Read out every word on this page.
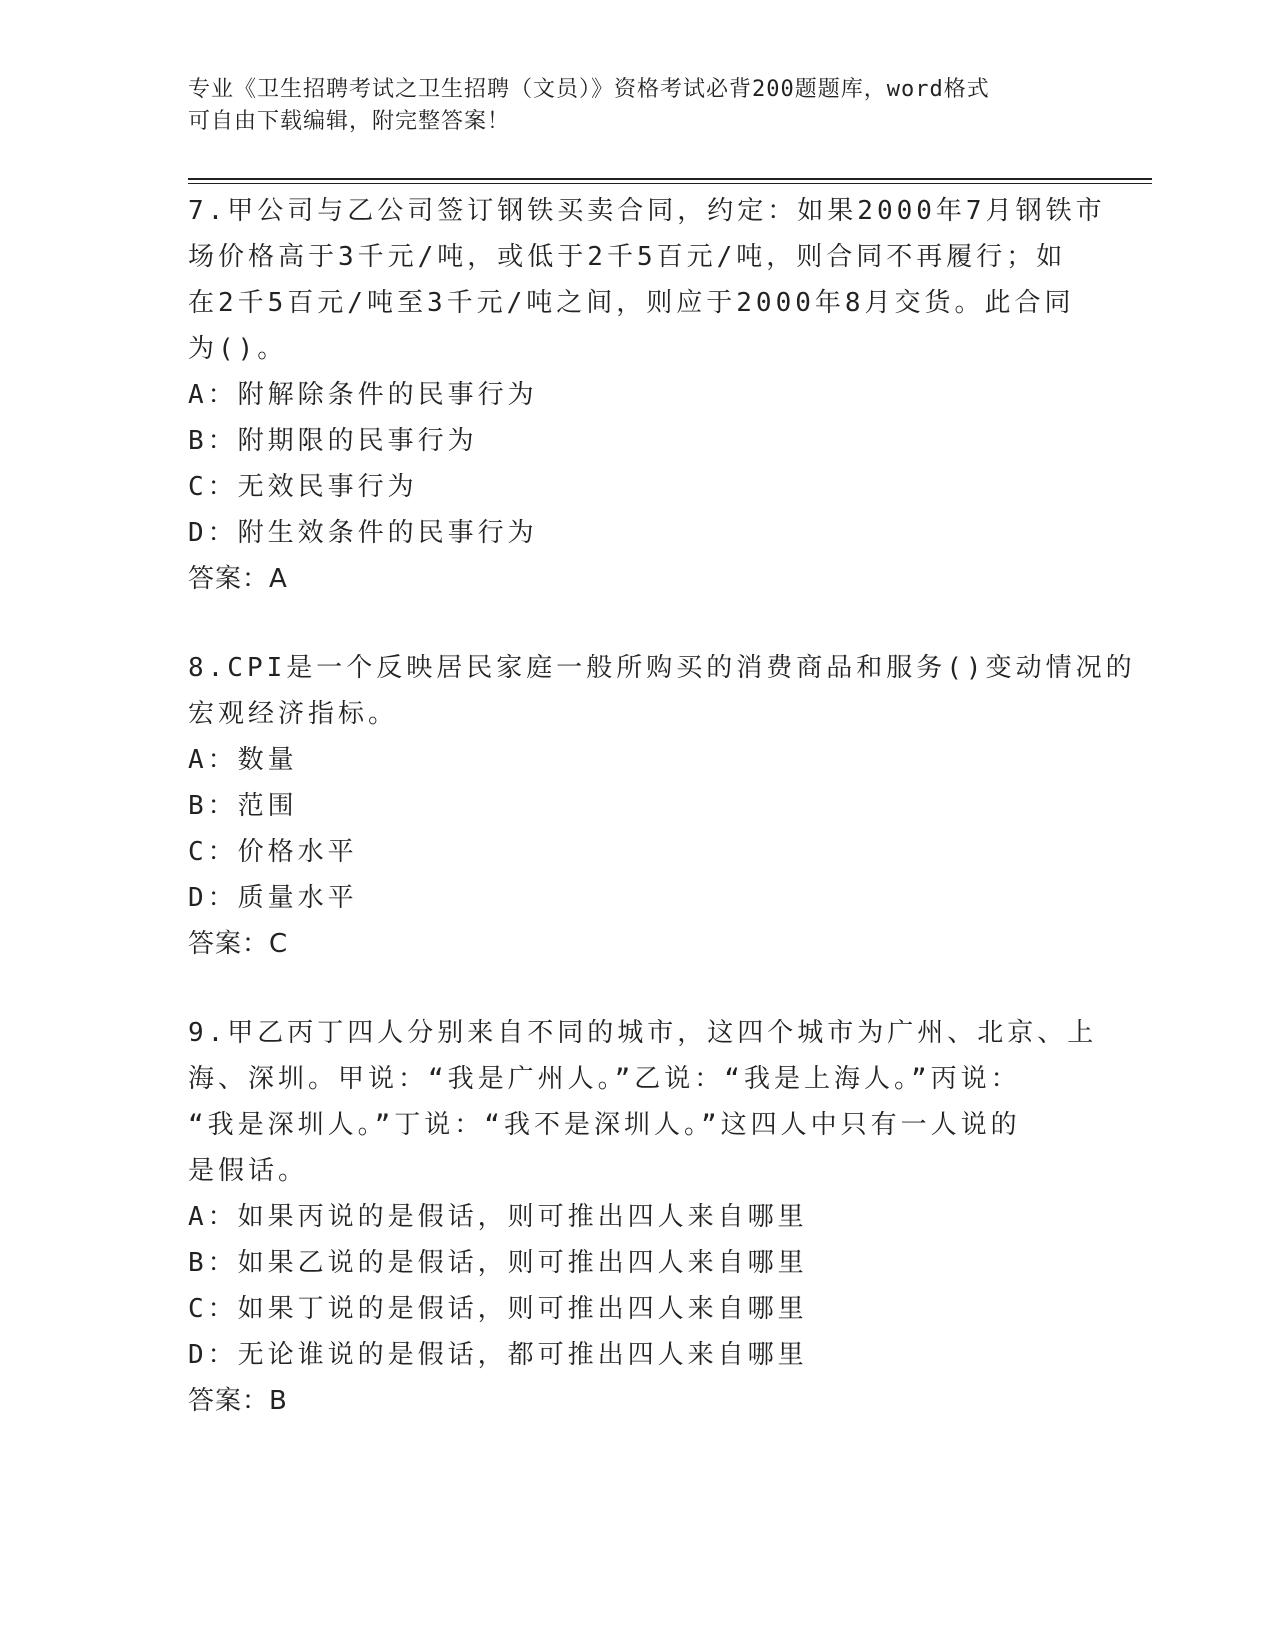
专业《卫生招聘考试之卫生招聘（文员）》资格考试必背200题题库，word格式
可自由下载编辑，附完整答案！
7.甲公司与乙公司签订钢铁买卖合同，约定：如果2000年7月钢铁市
场价格高于3千元/吨，或低于2千5百元/吨，则合同不再履行；如
在2千5百元/吨至3千元/吨之间，则应于2000年8月交货。此合同
为()。
A：附解除条件的民事行为
B：附期限的民事行为
C：无效民事行为
D：附生效条件的民事行为
答案：A
8.CPI是一个反映居民家庭一般所购买的消费商品和服务()变动情况的
宏观经济指标。
A：数量
B：范围
C：价格水平
D：质量水平
答案：C
9.甲乙丙丁四人分别来自不同的城市，这四个城市为广州、北京、上
海、深圳。甲说：“我是广州人。”乙说：“我是上海人。”丙说：
“我是深圳人。”丁说：“我不是深圳人。”这四人中只有一人说的
是假话。
A：如果丙说的是假话，则可推出四人来自哪里
B：如果乙说的是假话，则可推出四人来自哪里
C：如果丁说的是假话，则可推出四人来自哪里
D：无论谁说的是假话，都可推出四人来自哪里
答案：B
